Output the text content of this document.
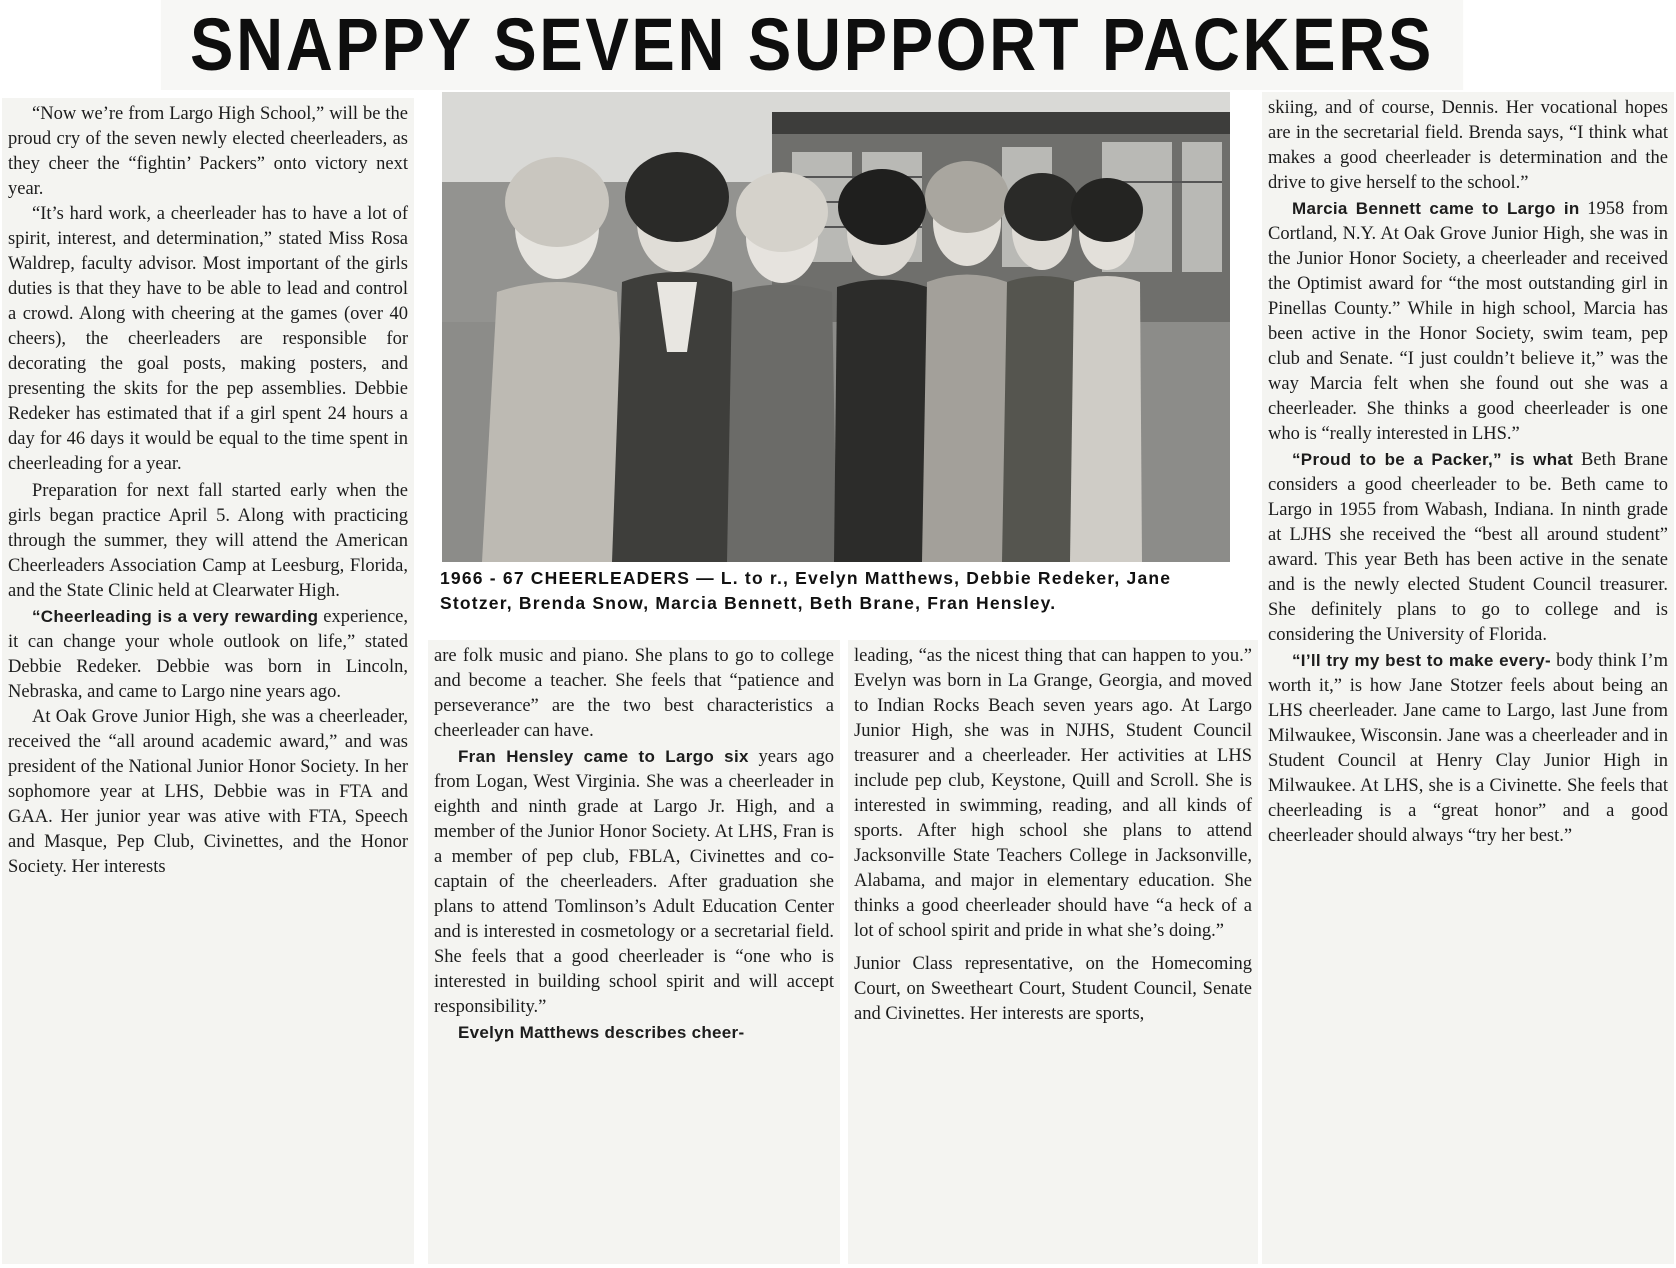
SNAPPY SEVEN SUPPORT PACKERS
1966 - 67 CHEERLEADERS — L. to r., Evelyn Matthews, Debbie Redeker, Jane Stotzer, Brenda Snow, Marcia Bennett, Beth Brane, Fran Hensley.

“Now we’re from Largo High School,” will be the proud cry of the seven newly elected cheerleaders, as they cheer the “fightin’ Packers” onto victory next year.

“It’s hard work, a cheerleader has to have a lot of spirit, interest, and determination,” stated Miss Rosa Waldrep, faculty advisor. Most important of the girls duties is that they have to be able to lead and control a crowd. Along with cheering at the games (over 40 cheers), the cheerleaders are responsible for decorating the goal posts, making posters, and presenting the skits for the pep assemblies. Debbie Redeker has estimated that if a girl spent 24 hours a day for 46 days it would be equal to the time spent in cheerleading for a year.

Preparation for next fall started early when the girls began practice April 5. Along with practicing through the summer, they will attend the American Cheerleaders Association Camp at Leesburg, Florida, and the State Clinic held at Clearwater High.

“Cheerleading is a very rewarding experience, it can change your whole outlook on life,” stated Debbie Redeker. Debbie was born in Lincoln, Nebraska, and came to Largo nine years ago.

At Oak Grove Junior High, she was a cheerleader, received the “all around academic award,” and was president of the National Junior Honor Society. In her sophomore year at LHS, Debbie was in FTA and GAA. Her junior year was ative with FTA, Speech and Masque, Pep Club, Civinettes, and the Honor Society. Her interests

are folk music and piano. She plans to go to college and become a teacher. She feels that “patience and perseverance” are the two best characteristics a cheerleader can have.

Fran Hensley came to Largo six years ago from Logan, West Virginia. She was a cheerleader in eighth and ninth grade at Largo Jr. High, and a member of the Junior Honor Society. At LHS, Fran is a member of pep club, FBLA, Civinettes and co-captain of the cheerleaders. After graduation she plans to attend Tomlinson’s Adult Education Center and is interested in cosmetology or a secretarial field. She feels that a good cheerleader is “one who is interested in building school spirit and will accept responsibility.”

Evelyn Matthews describes cheer-

leading, “as the nicest thing that can happen to you.” Evelyn was born in La Grange, Georgia, and moved to Indian Rocks Beach seven years ago. At Largo Junior High, she was in NJHS, Student Council treasurer and a cheerleader. Her activities at LHS include pep club, Keystone, Quill and Scroll. She is interested in swimming, reading, and all kinds of sports. After high school she plans to attend Jacksonville State Teachers College in Jacksonville, Alabama, and major in elementary education. She thinks a good cheerleader should have “a heck of a lot of school spirit and pride in what she’s doing.”

Junior Class representative, on the Homecoming Court, on Sweetheart Court, Student Council, Senate and Civinettes. Her interests are sports,

skiing, and of course, Dennis. Her vocational hopes are in the secretarial field. Brenda says, “I think what makes a good cheerleader is determination and the drive to give herself to the school.”

Marcia Bennett came to Largo in 1958 from Cortland, N.Y. At Oak Grove Junior High, she was in the Junior Honor Society, a cheerleader and received the Optimist award for “the most outstanding girl in Pinellas County.” While in high school, Marcia has been active in the Honor Society, swim team, pep club and Senate. “I just couldn’t believe it,” was the way Marcia felt when she found out she was a cheerleader. She thinks a good cheerleader is one who is “really interested in LHS.”

“Proud to be a Packer,” is what Beth Brane considers a good cheerleader to be. Beth came to Largo in 1955 from Wabash, Indiana. In ninth grade at LJHS she received the “best all around student” award. This year Beth has been active in the senate and is the newly elected Student Council treasurer. She definitely plans to go to college and is considering the University of Florida.

“I’ll try my best to make every- body think I’m worth it,” is how Jane Stotzer feels about being an LHS cheerleader. Jane came to Largo, last June from Milwaukee, Wisconsin. Jane was a cheerleader and in Student Council at Henry Clay Junior High in Milwaukee. At LHS, she is a Civinette. She feels that cheerleading is a “great honor” and a good cheerleader should always “try her best.”
